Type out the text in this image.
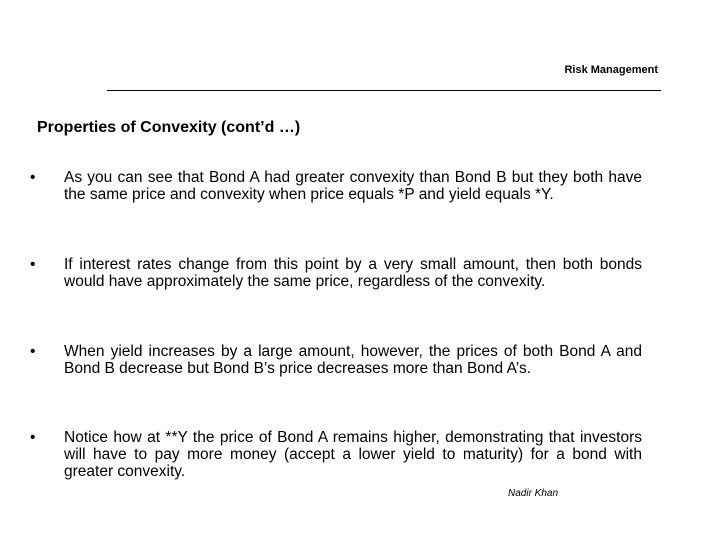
Risk Management
Properties of Convexity (cont’d …)
• As you can see that Bond A had greater convexity than Bond B but they both have the same price and convexity when price equals *P and yield equals *Y.
• If interest rates change from this point by a very small amount, then both bonds would have approximately the same price, regardless of the convexity.
• When yield increases by a large amount, however, the prices of both Bond A and Bond B decrease but Bond B’s price decreases more than Bond A’s.
• Notice how at **Y the price of Bond A remains higher, demonstrating that investors will have to pay more money (accept a lower yield to maturity) for a bond with greater convexity.
Nadir Khan
